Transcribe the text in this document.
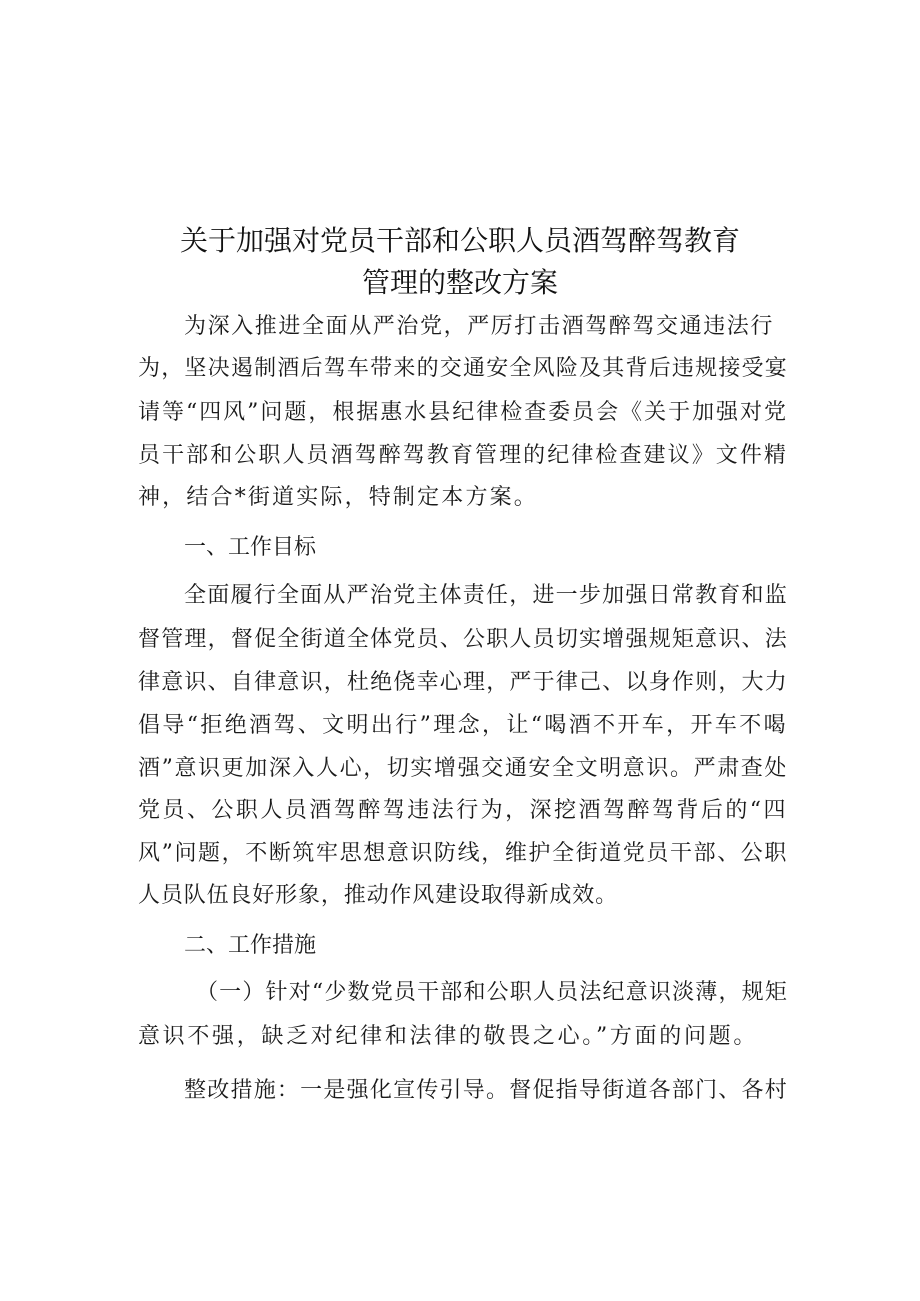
关于加强对党员干部和公职人员酒驾醉驾教育
管理的整改方案
为深入推进全面从严治党，严厉打击酒驾醉驾交通违法行
为，坚决遏制酒后驾车带来的交通安全风险及其背后违规接受宴
请等“四风”问题，根据惠水县纪律检查委员会《关于加强对党
员干部和公职人员酒驾醉驾教育管理的纪律检查建议》文件精
神，结合*街道实际，特制定本方案。
一、工作目标
全面履行全面从严治党主体责任，进一步加强日常教育和监
督管理，督促全街道全体党员、公职人员切实增强规矩意识、法
律意识、自律意识，杜绝侥幸心理，严于律己、以身作则，大力
倡导“拒绝酒驾、文明出行”理念，让“喝酒不开车，开车不喝
酒”意识更加深入人心，切实增强交通安全文明意识。严肃查处
党员、公职人员酒驾醉驾违法行为，深挖酒驾醉驾背后的“四
风”问题，不断筑牢思想意识防线，维护全街道党员干部、公职
人员队伍良好形象，推动作风建设取得新成效。
二、工作措施
（一）针对“少数党员干部和公职人员法纪意识淡薄，规矩
意识不强，缺乏对纪律和法律的敬畏之心。”方面的问题。
整改措施：一是强化宣传引导。督促指导街道各部门、各村
